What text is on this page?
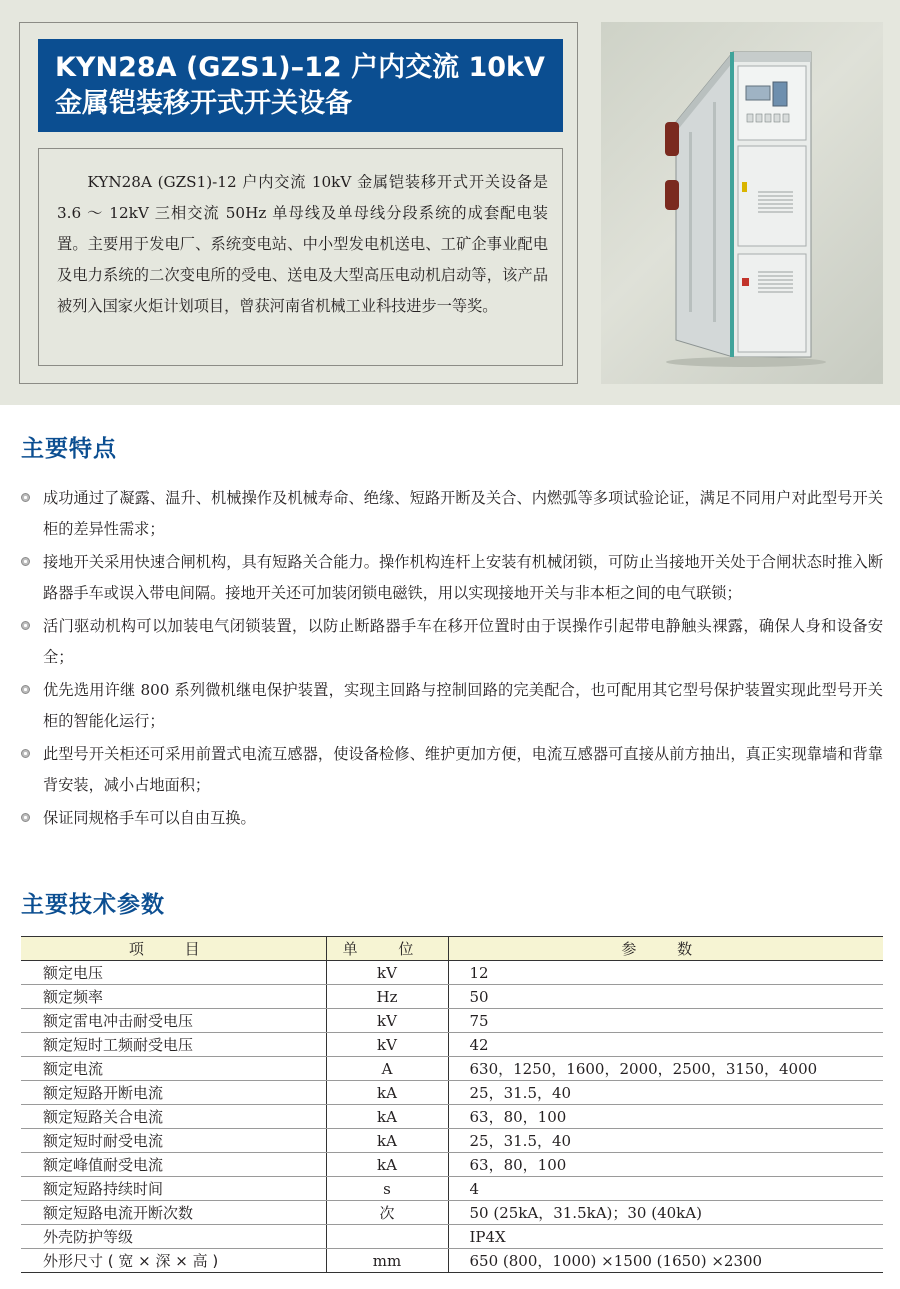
KYN28A (GZS1)–12 户内交流 10kV
金属铠装移开式开关设备
KYN28A (GZS1)-12 户内交流 10kV 金属铠装移开式开关设备是 3.6 ～ 12kV 三相交流 50Hz 单母线及单母线分段系统的成套配电装置。主要用于发电厂、系统变电站、中小型发电机送电、工矿企事业配电及电力系统的二次变电所的受电、送电及大型高压电动机启动等，该产品被列入国家火炬计划项目，曾获河南省机械工业科技进步一等奖。
主要特点
成功通过了凝露、温升、机械操作及机械寿命、绝缘、短路开断及关合、内燃弧等多项试验论证，满足不同用户对此型号开关柜的差异性需求；
接地开关采用快速合闸机构，具有短路关合能力。操作机构连杆上安装有机械闭锁，可防止当接地开关处于合闸状态时推入断路器手车或误入带电间隔。接地开关还可加装闭锁电磁铁，用以实现接地开关与非本柜之间的电气联锁；
活门驱动机构可以加装电气闭锁装置，以防止断路器手车在移开位置时由于误操作引起带电静触头裸露，确保人身和设备安全；
优先选用许继 800 系列微机继电保护装置，实现主回路与控制回路的完美配合，也可配用其它型号保护装置实现此型号开关柜的智能化运行；
此型号开关柜还可采用前置式电流互感器，使设备检修、维护更加方便，电流互感器可直接从前方抽出，真正实现靠墙和背靠背安装，减小占地面积；
保证同规格手车可以自由互换。
主要技术参数
项 目	单 位	参 数
额定电压	kV	12
额定频率	Hz	50
额定雷电冲击耐受电压	kV	75
额定短时工频耐受电压	kV	42
额定电流	A	630，1250，1600，2000，2500，3150，4000
额定短路开断电流	kA	25，31.5，40
额定短路关合电流	kA	63，80，100
额定短时耐受电流	kA	25，31.5，40
额定峰值耐受电流	kA	63，80，100
额定短路持续时间	s	4
额定短路电流开断次数	次	50 (25kA，31.5kA)；30 (40kA)
外壳防护等级		IP4X
外形尺寸 ( 宽 × 深 × 高 )	mm	650 (800，1000) ×1500 (1650) ×2300
